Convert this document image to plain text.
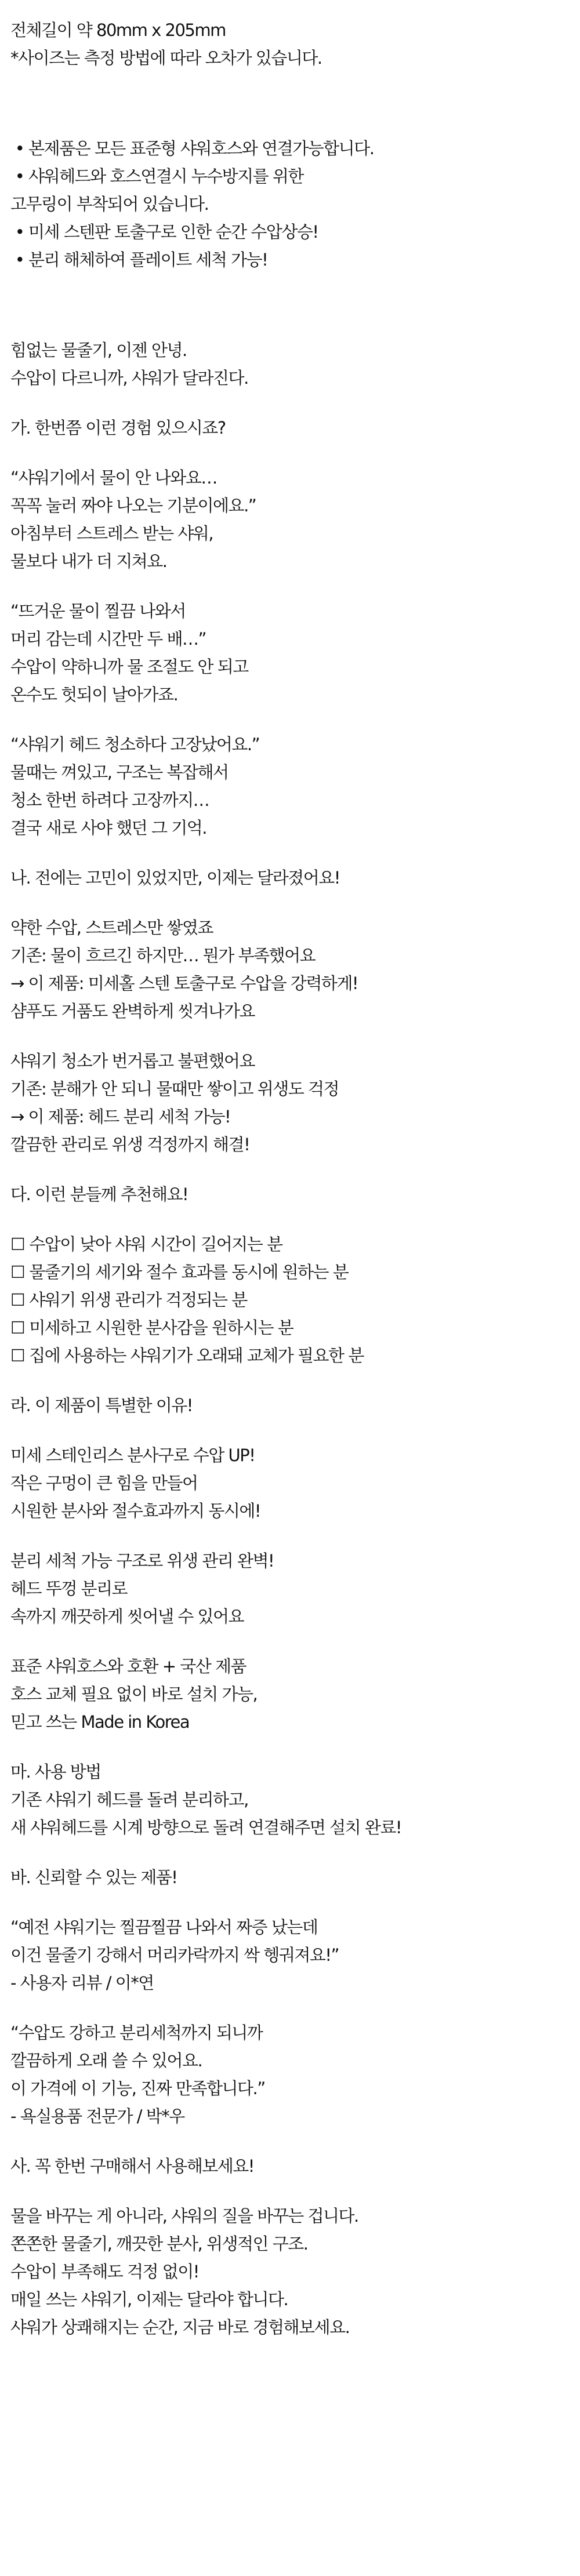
전체길이 약 80mm x 205mm

*사이즈는 측정 방법에 따라 오차가 있습니다.

• 본제품은 모든 표준형 샤워호스와 연결가능합니다.

• 샤워헤드와 호스연결시 누수방지를 위한

고무링이 부착되어 있습니다.

• 미세 스텐판 토출구로 인한 순간 수압상승!

• 분리 해체하여 플레이트 세척 가능!

힘없는 물줄기, 이젠 안녕.

수압이 다르니까, 샤워가 달라진다.

가. 한번쯤 이런 경험 있으시죠?

“샤워기에서 물이 안 나와요…

꼭꼭 눌러 짜야 나오는 기분이에요.”

아침부터 스트레스 받는 샤워,

물보다 내가 더 지쳐요.

“뜨거운 물이 찔끔 나와서

머리 감는데 시간만 두 배…”

수압이 약하니까 물 조절도 안 되고

온수도 헛되이 날아가죠.

“샤워기 헤드 청소하다 고장났어요.”

물때는 껴있고, 구조는 복잡해서

청소 한번 하려다 고장까지…

결국 새로 사야 했던 그 기억.

나. 전에는 고민이 있었지만, 이제는 달라졌어요!

약한 수압, 스트레스만 쌓였죠

기존: 물이 흐르긴 하지만… 뭔가 부족했어요

→ 이 제품: 미세홀 스텐 토출구로 수압을 강력하게!

샴푸도 거품도 완벽하게 씻겨나가요

샤워기 청소가 번거롭고 불편했어요

기존: 분해가 안 되니 물때만 쌓이고 위생도 걱정

→ 이 제품: 헤드 분리 세척 가능!

깔끔한 관리로 위생 걱정까지 해결!

다. 이런 분들께 추천해요!

☐ 수압이 낮아 샤워 시간이 길어지는 분

☐ 물줄기의 세기와 절수 효과를 동시에 원하는 분

☐ 샤워기 위생 관리가 걱정되는 분

☐ 미세하고 시원한 분사감을 원하시는 분

☐ 집에 사용하는 샤워기가 오래돼 교체가 필요한 분

라. 이 제품이 특별한 이유!

미세 스테인리스 분사구로 수압 UP!

작은 구멍이 큰 힘을 만들어

시원한 분사와 절수효과까지 동시에!

분리 세척 가능 구조로 위생 관리 완벽!

헤드 뚜껑 분리로

속까지 깨끗하게 씻어낼 수 있어요

표준 샤워호스와 호환 + 국산 제품

호스 교체 필요 없이 바로 설치 가능,

믿고 쓰는 Made in Korea

마. 사용 방법

기존 샤워기 헤드를 돌려 분리하고,

새 샤워헤드를 시계 방향으로 돌려 연결해주면 설치 완료!

바. 신뢰할 수 있는 제품!

“예전 샤워기는 찔끔찔끔 나와서 짜증 났는데

이건 물줄기 강해서 머리카락까지 싹 헹궈져요!”

- 사용자 리뷰 / 이*연

“수압도 강하고 분리세척까지 되니까

깔끔하게 오래 쓸 수 있어요.

이 가격에 이 기능, 진짜 만족합니다.”

- 욕실용품 전문가 / 박*우

사. 꼭 한번 구매해서 사용해보세요!

물을 바꾸는 게 아니라, 샤워의 질을 바꾸는 겁니다.

쫀쫀한 물줄기, 깨끗한 분사, 위생적인 구조.

수압이 부족해도 걱정 없이!

매일 쓰는 샤워기, 이제는 달라야 합니다.

샤워가 상쾌해지는 순간, 지금 바로 경험해보세요.
